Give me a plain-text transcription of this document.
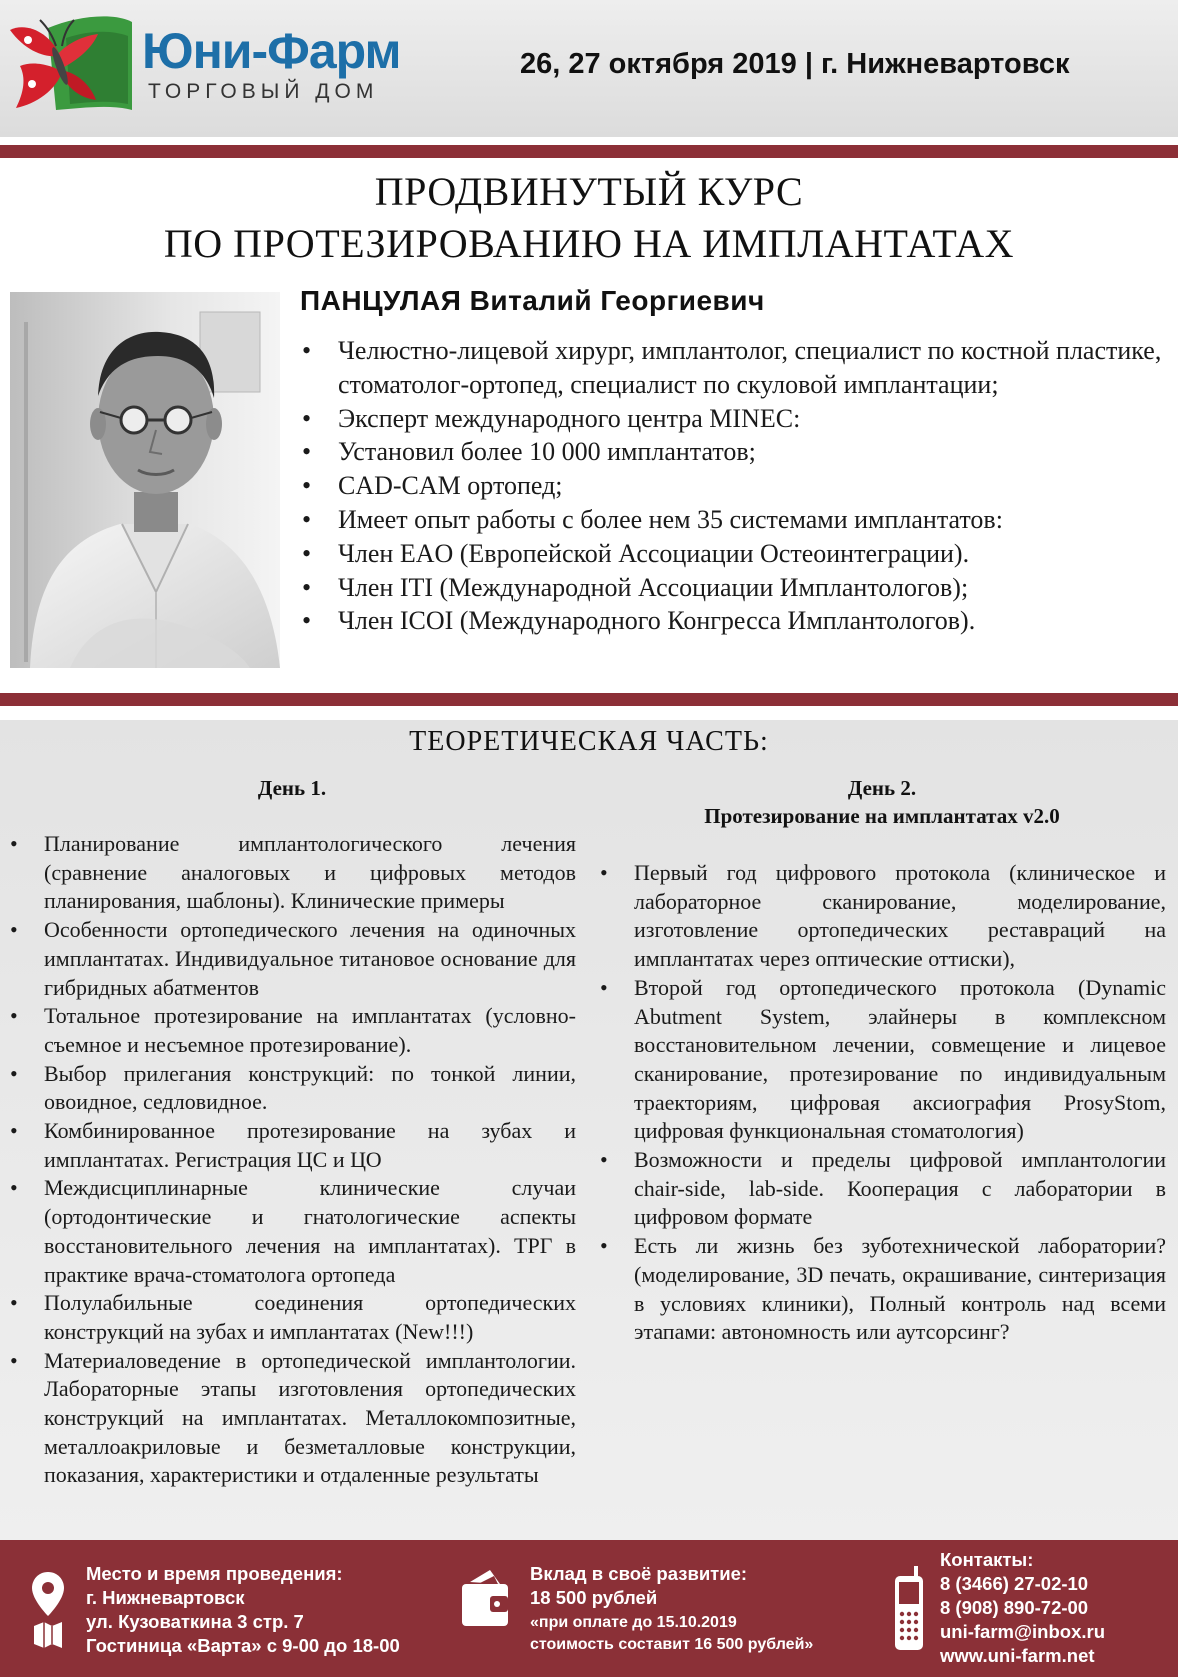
Юни-Фарм
ТОРГОВЫЙ ДОМ
26, 27 октября 2019 | г. Нижневартовск
ПРОДВИНУТЫЙ КУРС
ПО ПРОТЕЗИРОВАНИЮ НА ИМПЛАНТАТАХ
ПАНЦУЛАЯ Виталий Георгиевич
• Челюстно-лицевой хирург, имплантолог, специалист по костной пластике, стоматолог-ортопед, специалист по скуловой имплантации;
• Эксперт международного центра MINEC:
• Установил более 10 000 имплантатов;
• CAD-CAM ортопед;
• Имеет опыт работы с более нем 35 системами имплантатов:
• Член EAO (Европейской Ассоциации Остеоинтеграции).
• Член ITI (Международной Ассоциации Имплантологов);
• Член ICOI (Международного Конгресса Имплантологов).
ТЕОРЕТИЧЕСКАЯ ЧАСТЬ:
День 1.
• Планирование имплантологического лечения (сравнение аналоговых и цифровых методов планирования, шаблоны). Клинические примеры
• Особенности ортопедического лечения на одиночных имплантатах. Индивидуальное титановое основание для гибридных абатментов
• Тотальное протезирование на имплантатах (условно-съемное и несъемное протезирование).
• Выбор прилегания конструкций: по тонкой линии, овоидное, седловидное.
• Комбинированное протезирование на зубах и имплантатах. Регистрация ЦС и ЦО
• Междисциплинарные клинические случаи (ортодонтические и гнатологические аспекты восстановительного лечения на имплантатах). ТРГ в практике врача-стоматолога ортопеда
• Полулабильные соединения ортопедических конструкций на зубах и имплантатах (New!!!)
• Материаловедение в ортопедической имплантологии. Лабораторные этапы изготовления ортопедических конструкций на имплантатах. Металлокомпозитные, металлоакриловые и безметалловые конструкции, показания, характеристики и отдаленные результаты
День 2.
Протезирование на имплантатах v2.0
• Первый год цифрового протокола (клиническое и лабораторное сканирование, моделирование, изготовление ортопедических реставраций на имплантатах через оптические оттиски),
• Второй год ортопедического протокола (Dynamic Abutment System, элайнеры в комплексном восстановительном лечении, совмещение и лицевое сканирование, протезирование по индивидуальным траекториям, цифровая аксиография ProsyStom, цифровая функциональная стоматология)
• Возможности и пределы цифровой имплантологии chair-side, lab-side. Кооперация с лаборатории в цифровом формате
• Есть ли жизнь без зуботехнической лаборатории? (моделирование, 3D печать, окрашивание, синтеризация в условиях клиники), Полный контроль над всеми этапами: автономность или аутсорсинг?
Место и время проведения:
г. Нижневартовск
ул. Кузоваткина 3 стр. 7
Гостиница «Варта» с 9-00 до 18-00
Вклад в своё развитие:
18 500 рублей
«при оплате до 15.10.2019
стоимость составит 16 500 рублей»
Контакты:
8 (3466) 27-02-10
8 (908) 890-72-00
uni-farm@inbox.ru
www.uni-farm.net
